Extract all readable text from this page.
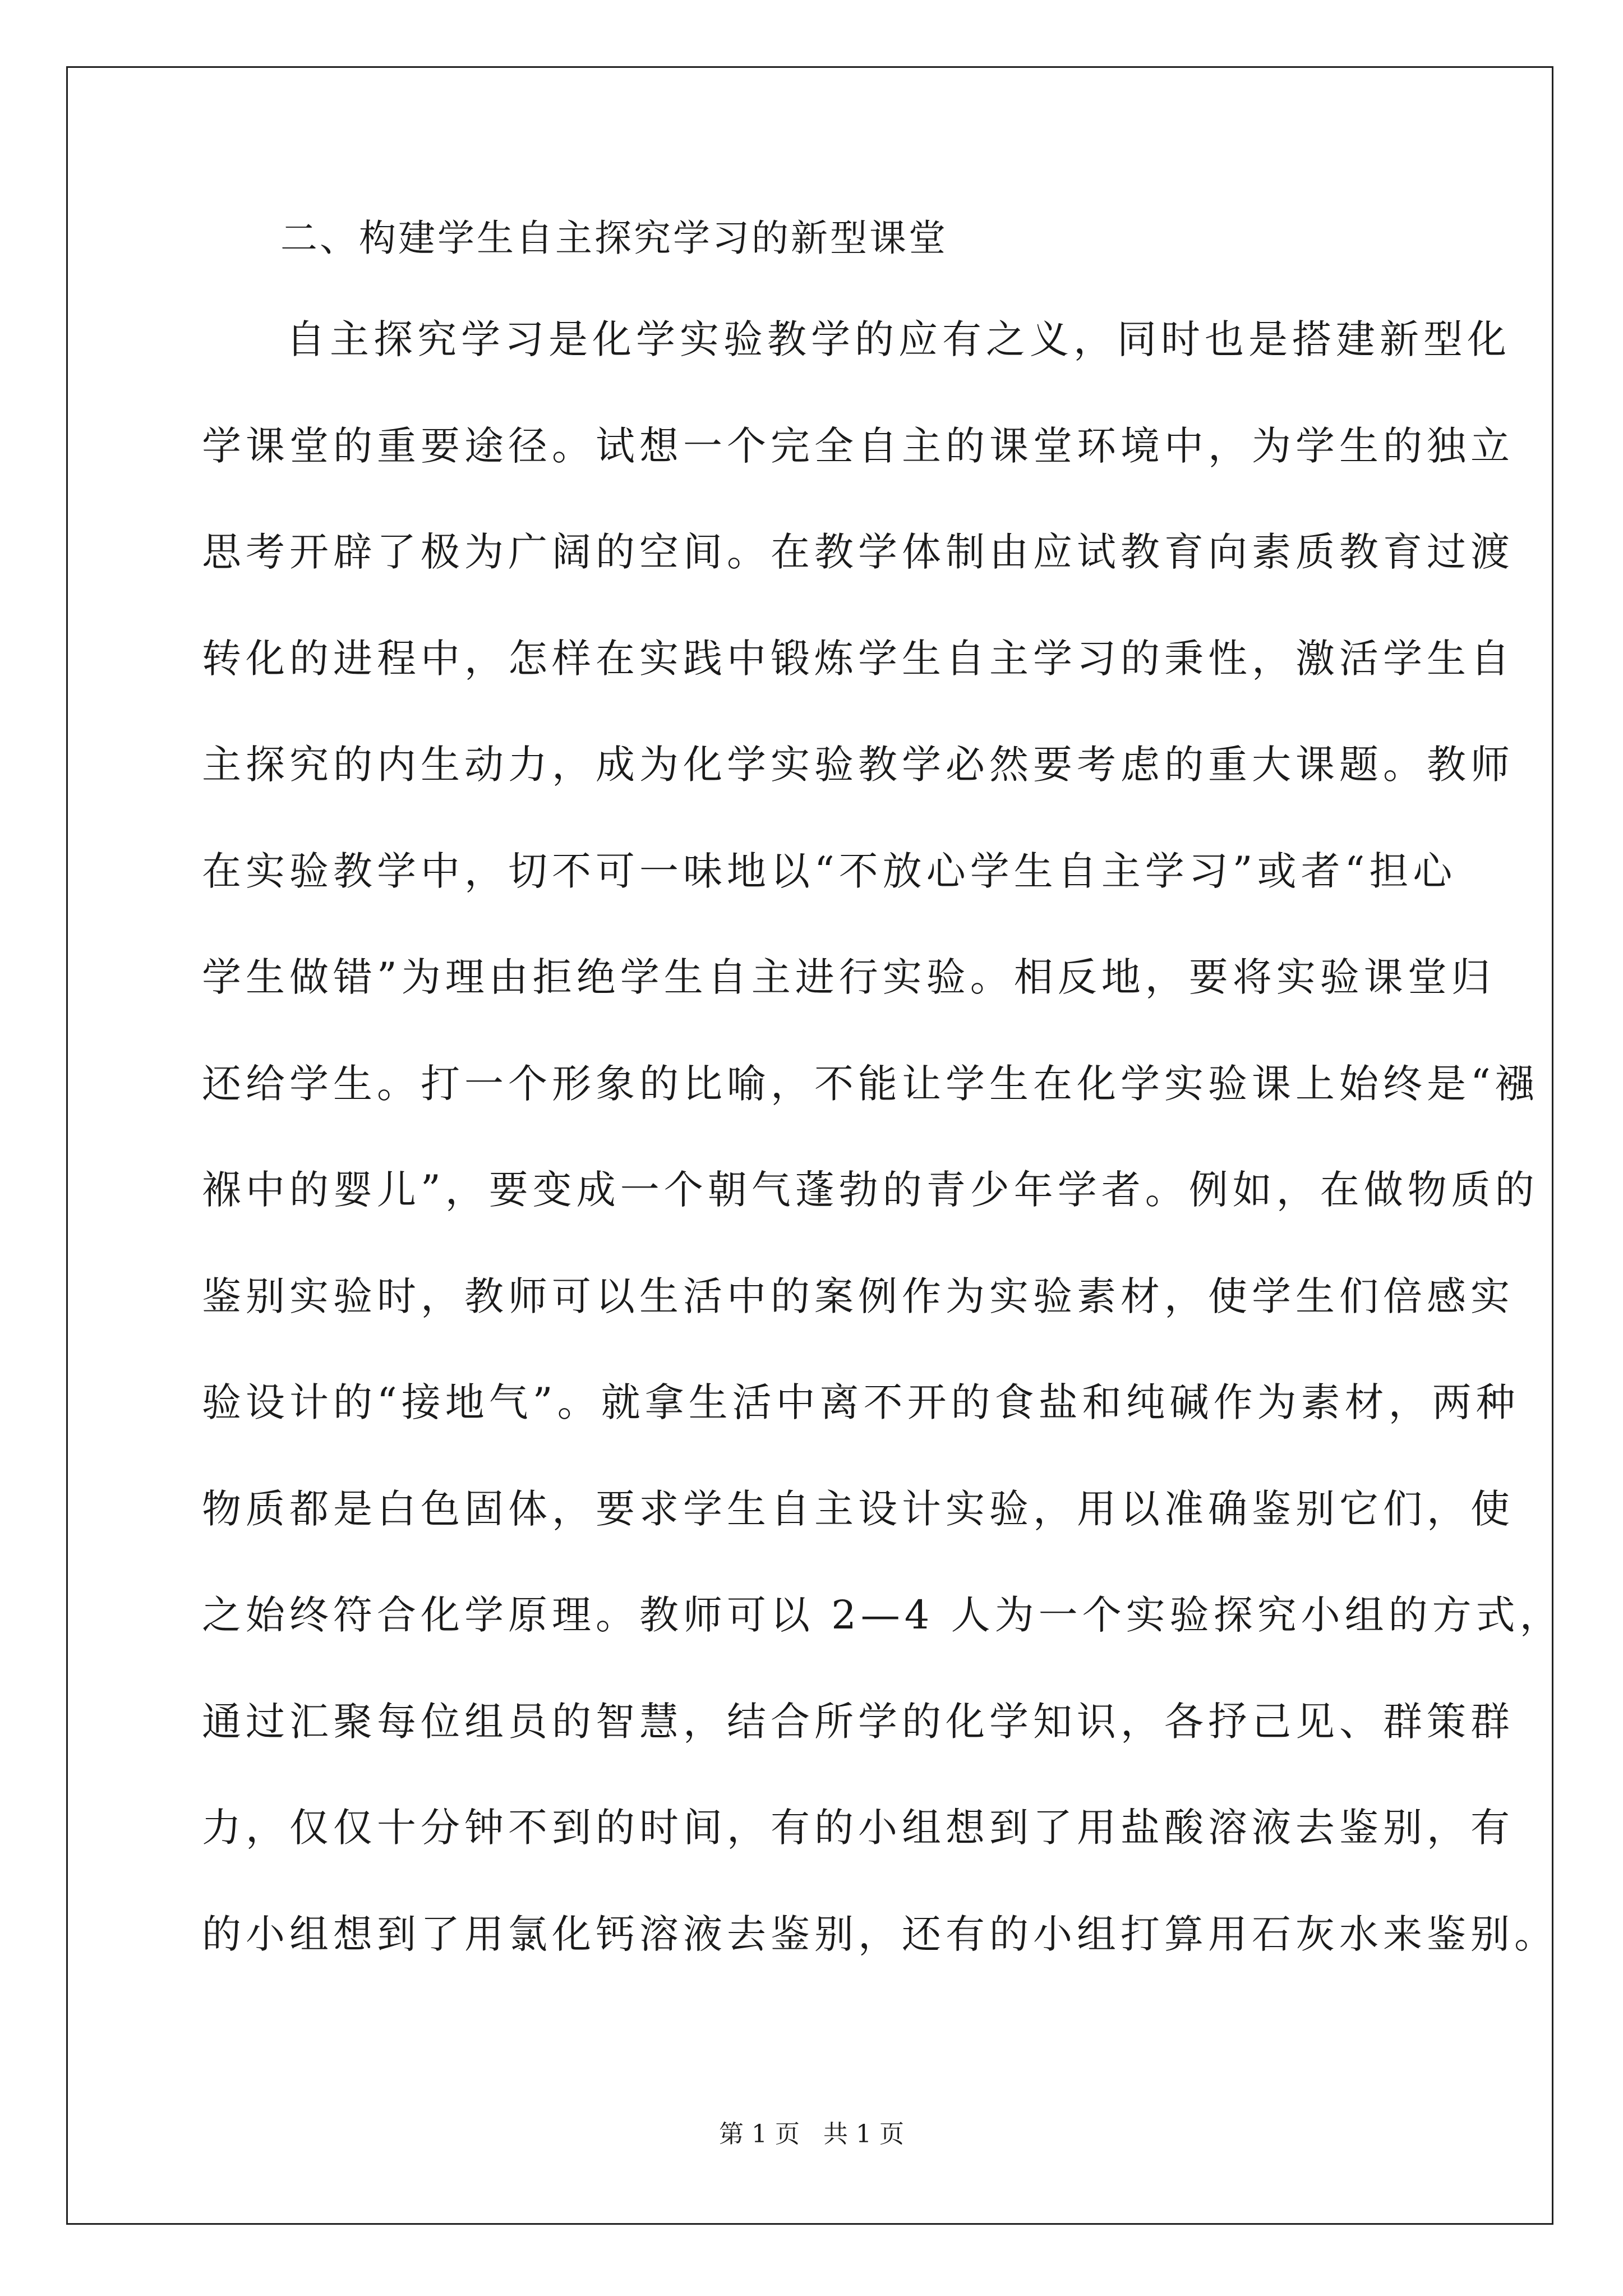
二、构建学生自主探究学习的新型课堂
自主探究学习是化学实验教学的应有之义，同时也是搭建新型化
学课堂的重要途径。试想一个完全自主的课堂环境中，为学生的独立
思考开辟了极为广阔的空间。在教学体制由应试教育向素质教育过渡
转化的进程中，怎样在实践中锻炼学生自主学习的秉性，激活学生自
主探究的内生动力，成为化学实验教学必然要考虑的重大课题。教师
在实验教学中，切不可一味地以“不放心学生自主学习”或者“担心
学生做错”为理由拒绝学生自主进行实验。相反地，要将实验课堂归
还给学生。打一个形象的比喻，不能让学生在化学实验课上始终是“襁
褓中的婴儿”，要变成一个朝气蓬勃的青少年学者。例如，在做物质的
鉴别实验时，教师可以生活中的案例作为实验素材，使学生们倍感实
验设计的“接地气”。就拿生活中离不开的食盐和纯碱作为素材，两种
物质都是白色固体，要求学生自主设计实验，用以准确鉴别它们，使
之始终符合化学原理。教师可以 2—4 人为一个实验探究小组的方式，
通过汇聚每位组员的智慧，结合所学的化学知识，各抒己见、群策群
力，仅仅十分钟不到的时间，有的小组想到了用盐酸溶液去鉴别，有
的小组想到了用氯化钙溶液去鉴别，还有的小组打算用石灰水来鉴别。
第 1 页   共 1 页
